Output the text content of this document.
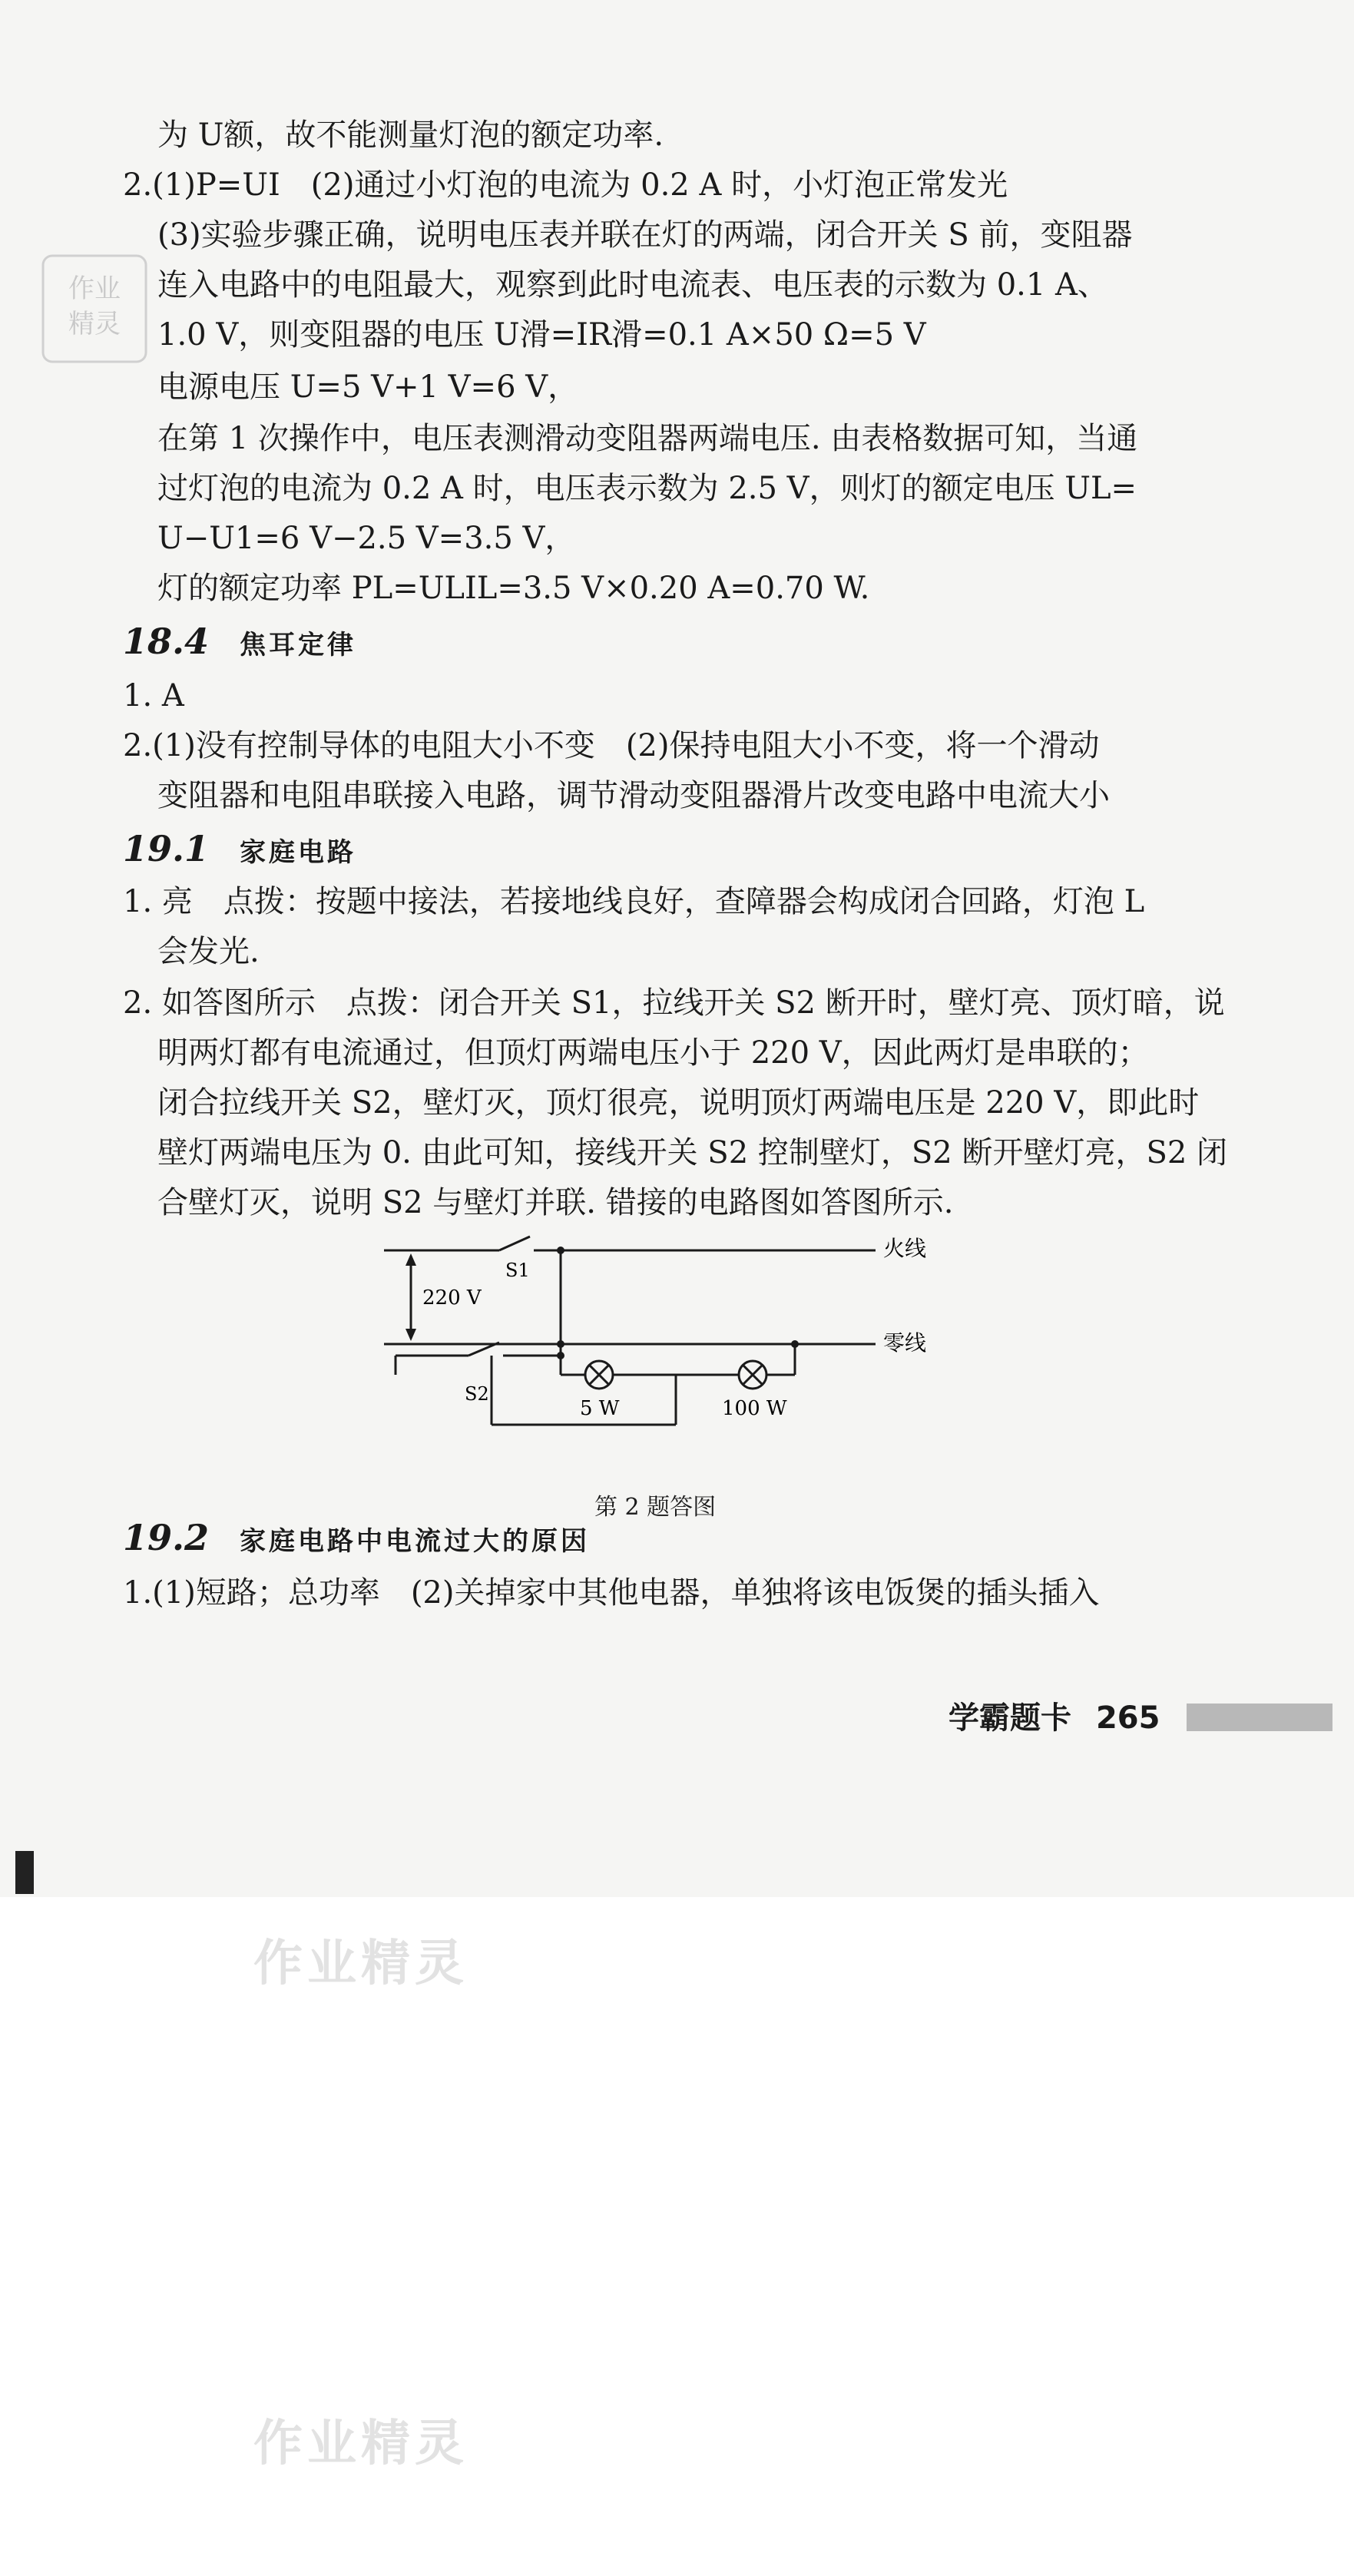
作业
精灵
为 U额，故不能测量灯泡的额定功率.
2.(1)P=UI　(2)通过小灯泡的电流为 0.2 A 时，小灯泡正常发光
(3)实验步骤正确，说明电压表并联在灯的两端，闭合开关 S 前，变阻器
连入电路中的电阻最大，观察到此时电流表、电压表的示数为 0.1 A、
1.0 V，则变阻器的电压 U滑=IR滑=0.1 A×50 Ω=5 V
电源电压 U=5 V+1 V=6 V，
在第 1 次操作中，电压表测滑动变阻器两端电压. 由表格数据可知，当通
过灯泡的电流为 0.2 A 时，电压表示数为 2.5 V，则灯的额定电压 UL=
U−U1=6 V−2.5 V=3.5 V，
灯的额定功率 PL=ULIL=3.5 V×0.20 A=0.70 W.
18.4 焦耳定律
1. A
2.(1)没有控制导体的电阻大小不变　(2)保持电阻大小不变，将一个滑动
变阻器和电阻串联接入电路，调节滑动变阻器滑片改变电路中电流大小
19.1 家庭电路
1. 亮　点拨：按题中接法，若接地线良好，查障器会构成闭合回路，灯泡 L
会发光.
2. 如答图所示　点拨：闭合开关 S1，拉线开关 S2 断开时，壁灯亮、顶灯暗，说
明两灯都有电流通过，但顶灯两端电压小于 220 V，因此两灯是串联的；
闭合拉线开关 S2，壁灯灭，顶灯很亮，说明顶灯两端电压是 220 V，即此时
壁灯两端电压为 0. 由此可知，接线开关 S2 控制壁灯，S2 断开壁灯亮，S2 闭
合壁灯灭，说明 S2 与壁灯并联. 错接的电路图如答图所示.
火线
零线
220 V
S1
S2
5 W	100 W
第 2 题答图
19.2 家庭电路中电流过大的原因
1.(1)短路；总功率　(2)关掉家中其他电器，单独将该电饭煲的插头插入
学霸题卡 265
作业精灵
作业精灵
